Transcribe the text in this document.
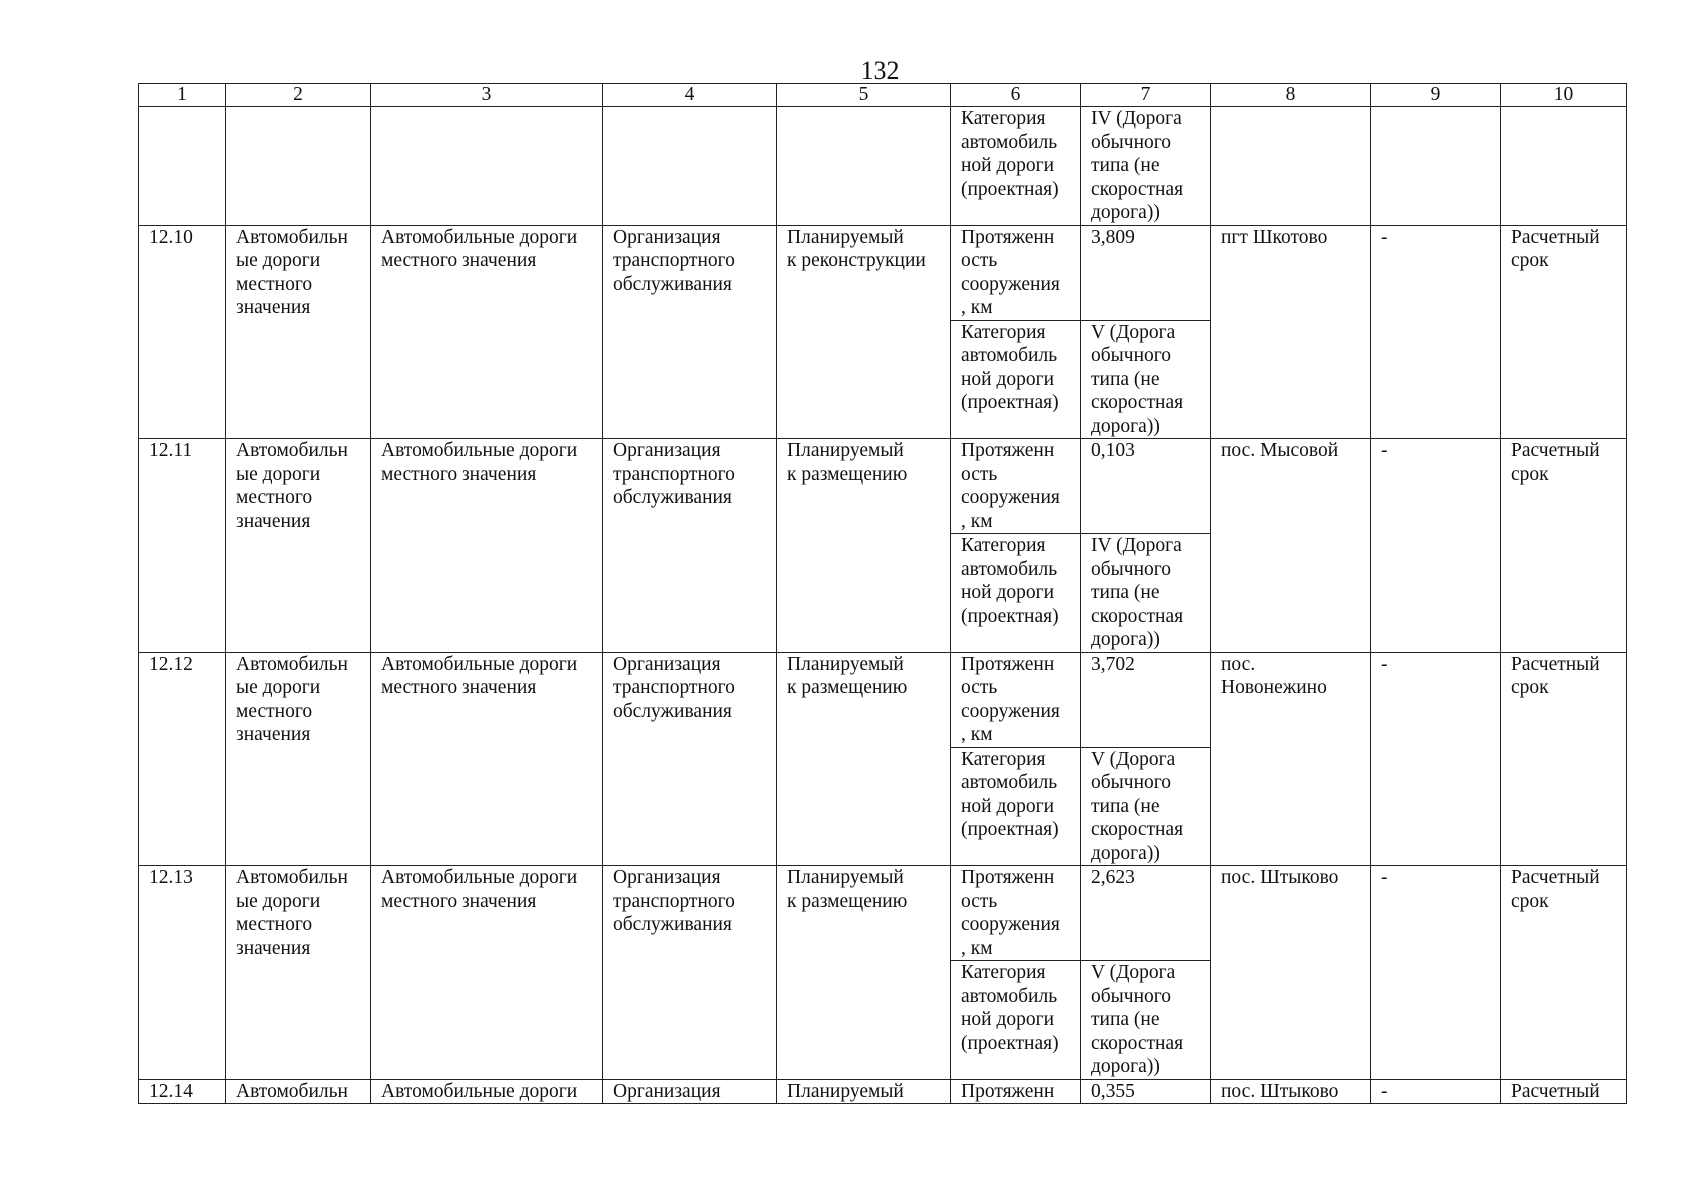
132
1	2	3	4	5	6	7	8	9	10
					Категория
автомобиль
ной дороги
(проектная)	IV (Дорога
обычного
типа (не
скоростная
дорога))			
12.10	Автомобильн
ые дороги
местного
значения	Автомобильные дороги
местного значения	Организация
транспортного
обслуживания	Планируемый
к реконструкции	Протяженн
ость
сооружения
, км	3,809	пгт Шкотово	-	Расчетный
срок
					Категория
автомобиль
ной дороги
(проектная)	V (Дорога
обычного
типа (не
скоростная
дорога))			
12.11	Автомобильн
ые дороги
местного
значения	Автомобильные дороги
местного значения	Организация
транспортного
обслуживания	Планируемый
к размещению	Протяженн
ость
сооружения
, км	0,103	пос. Мысовой	-	Расчетный
срок
					Категория
автомобиль
ной дороги
(проектная)	IV (Дорога
обычного
типа (не
скоростная
дорога))			
12.12	Автомобильн
ые дороги
местного
значения	Автомобильные дороги
местного значения	Организация
транспортного
обслуживания	Планируемый
к размещению	Протяженн
ость
сооружения
, км	3,702	пос.
Новонежино	-	Расчетный
срок
					Категория
автомобиль
ной дороги
(проектная)	V (Дорога
обычного
типа (не
скоростная
дорога))			
12.13	Автомобильн
ые дороги
местного
значения	Автомобильные дороги
местного значения	Организация
транспортного
обслуживания	Планируемый
к размещению	Протяженн
ость
сооружения
, км	2,623	пос. Штыково	-	Расчетный
срок
					Категория
автомобиль
ной дороги
(проектная)	V (Дорога
обычного
типа (не
скоростная
дорога))			
12.14	Автомобильн	Автомобильные дороги	Организация	Планируемый	Протяженн	0,355	пос. Штыково	-	Расчетный
